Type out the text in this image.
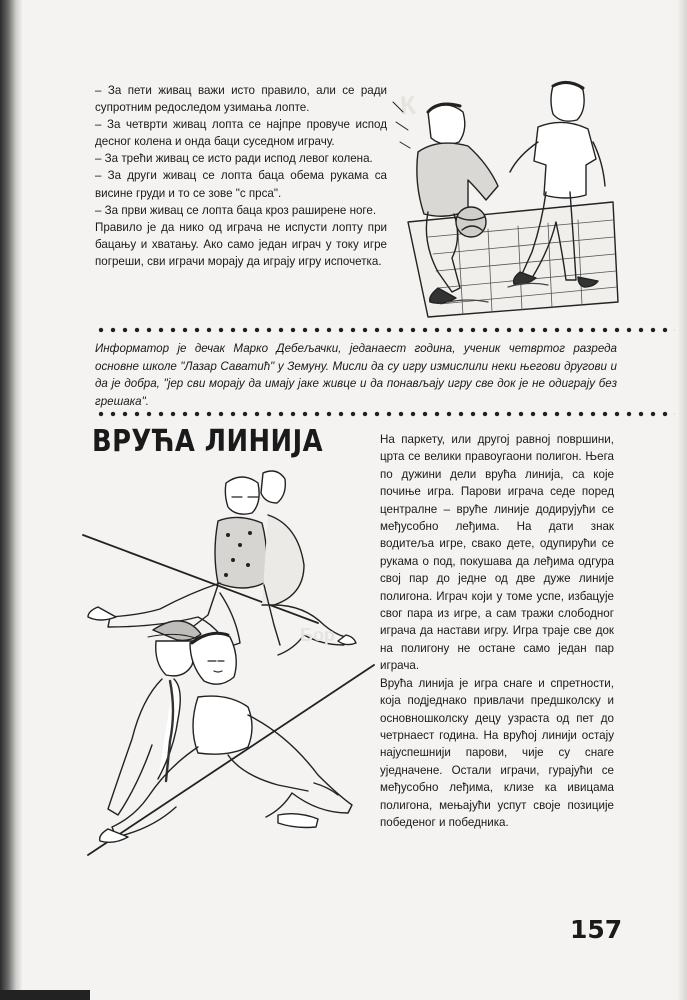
К

– За пети живац важи исто правило, али се ради супротним редоследом узимања лопте.

– За четврти живац лопта се најпре провуче испод десног колена и онда баци суседном играчу.

– За трећи живац се исто ради испод левог колена.

– За други живац се лопта баца обема рукама са висине груди и то се зове "с прса".

– За први живац се лопта баца кроз раширене ноге.

Правило је да нико од играча не испусти лопту при бацању и хватању. Ако само један играч у току игре погреши, сви играчи морају да играју игру испочетка.

Информатор је дечак Марко Дебељачки, једанаест година, ученик четвртог разреда основне школе "Лазар Саватић" у Земуну. Мисли да су игру измислили неки његови другови и да је добра, "јер сви морају да имају јаке живце и да понављају игру све док је не одиграју без грешака".
ВРУЋА ЛИНИЈА
Бор

На паркету, или другој равној површини, црта се велики правоугаони полигон. Њега по дужини дели врућа линија, са које почиње игра. Парови играча седе поред централне – вруће линије додирујући се међусобно леђима. На дати знак водитеља игре, свако дете, одупирући се рукама о под, покушава да леђима одгура свој пар до једне од две дуже линије полигона. Играч који у томе успе, избацује свог пара из игре, а сам тражи слободног играча да настави игру. Игра траје све док на полигону не остане само један пар играча.

Врућа линија је игра снаге и спретности, која подједнако привлачи предшколску и основношколску децу узраста од пет до четрнаест година. На врућој линији остају најуспешнији парови, чије су снаге уједначене. Остали играчи, гурајући се међусобно леђима, клизе ка ивицама полигона, мењајући успут своје позиције победеног и победника.

157
